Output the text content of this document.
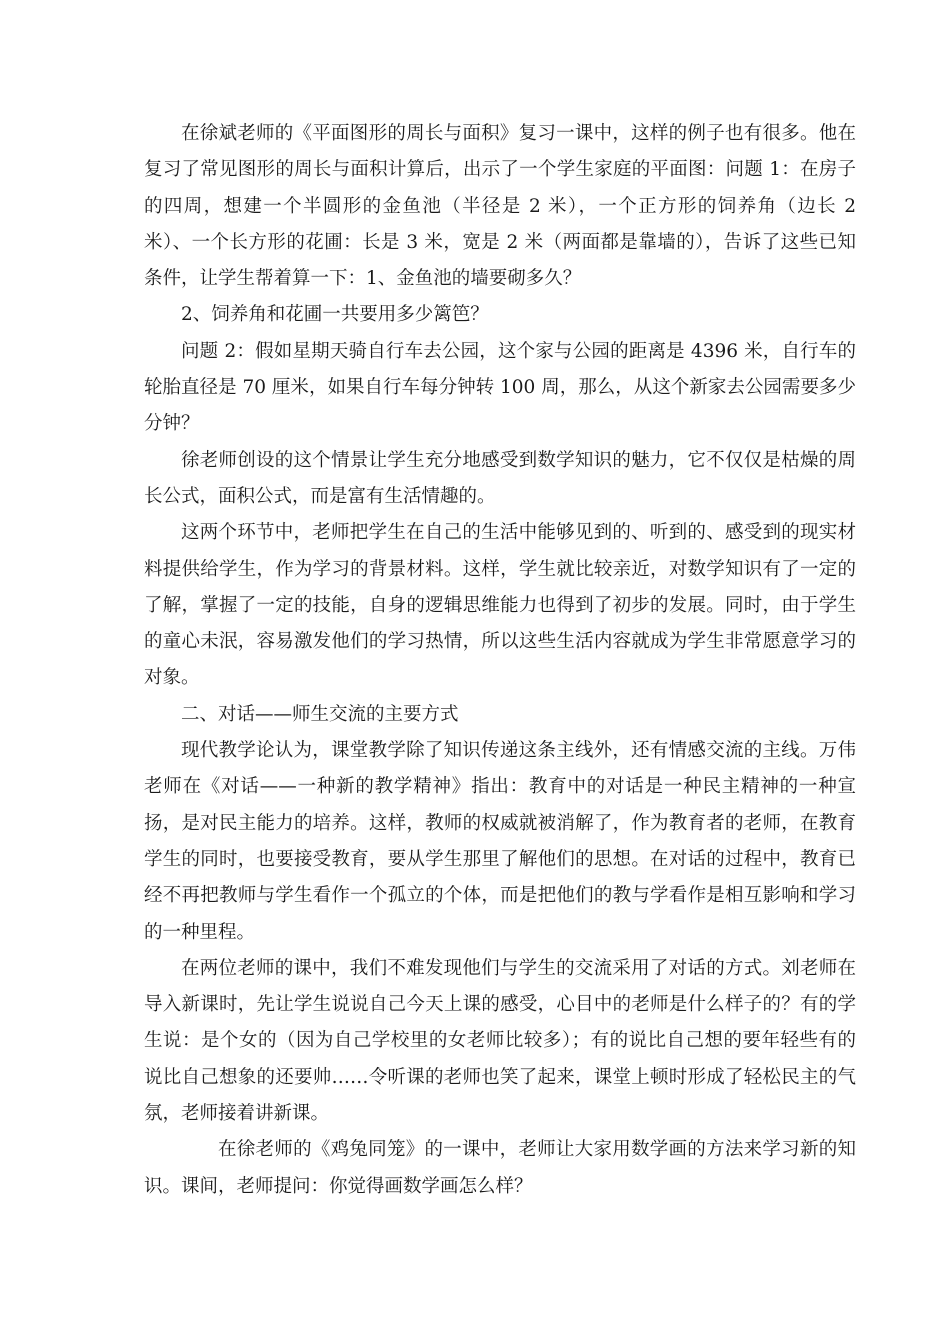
在徐斌老师的《平面图形的周长与面积》复习一课中，这样的例子也有很多。他在复习了常见图形的周长与面积计算后，出示了一个学生家庭的平面图：问题 1：在房子的四周，想建一个半圆形的金鱼池（半径是 2 米），一个正方形的饲养角（边长 2 米）、一个长方形的花圃：长是 3 米，宽是 2 米（两面都是靠墙的），告诉了这些已知条件，让学生帮着算一下：1、金鱼池的墙要砌多久？

2、饲养角和花圃一共要用多少篱笆？

问题 2：假如星期天骑自行车去公园，这个家与公园的距离是 4396 米，自行车的轮胎直径是 70 厘米，如果自行车每分钟转 100 周，那么，从这个新家去公园需要多少分钟？

徐老师创设的这个情景让学生充分地感受到数学知识的魅力，它不仅仅是枯燥的周长公式，面积公式，而是富有生活情趣的。

这两个环节中，老师把学生在自己的生活中能够见到的、听到的、感受到的现实材料提供给学生，作为学习的背景材料。这样，学生就比较亲近，对数学知识有了一定的了解，掌握了一定的技能，自身的逻辑思维能力也得到了初步的发展。同时，由于学生的童心未泯，容易激发他们的学习热情，所以这些生活内容就成为学生非常愿意学习的对象。

二、对话——师生交流的主要方式

现代教学论认为，课堂教学除了知识传递这条主线外，还有情感交流的主线。万伟老师在《对话——一种新的教学精神》指出：教育中的对话是一种民主精神的一种宣扬，是对民主能力的培养。这样，教师的权威就被消解了，作为教育者的老师，在教育学生的同时，也要接受教育，要从学生那里了解他们的思想。在对话的过程中，教育已经不再把教师与学生看作一个孤立的个体，而是把他们的教与学看作是相互影响和学习的一种里程。

在两位老师的课中，我们不难发现他们与学生的交流采用了对话的方式。刘老师在导入新课时，先让学生说说自己今天上课的感受，心目中的老师是什么样子的？有的学生说：是个女的（因为自己学校里的女老师比较多）；有的说比自己想的要年轻些有的说比自己想象的还要帅……令听课的老师也笑了起来，课堂上顿时形成了轻松民主的气氛，老师接着讲新课。

在徐老师的《鸡兔同笼》的一课中，老师让大家用数学画的方法来学习新的知识。课间，老师提问：你觉得画数学画怎么样？
